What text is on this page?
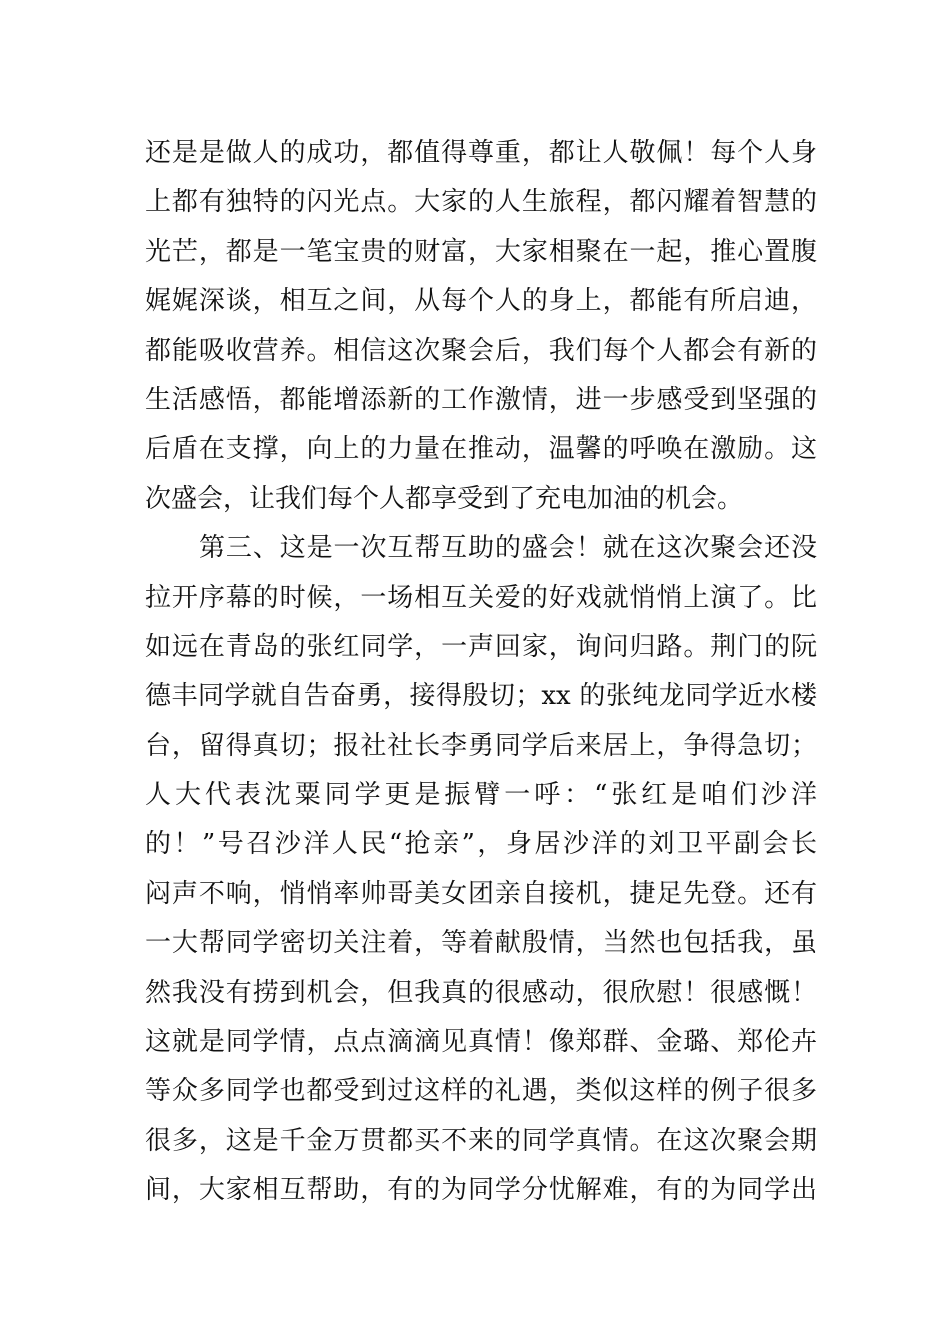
还是是做人的成功，都值得尊重，都让人敬佩！每个人身
上都有独特的闪光点。大家的人生旅程，都闪耀着智慧的
光芒，都是一笔宝贵的财富，大家相聚在一起，推心置腹
娓娓深谈，相互之间，从每个人的身上，都能有所启迪，
都能吸收营养。相信这次聚会后，我们每个人都会有新的
生活感悟，都能增添新的工作激情，进一步感受到坚强的
后盾在支撑，向上的力量在推动，温馨的呼唤在激励。这
次盛会，让我们每个人都享受到了充电加油的机会。
第三、这是一次互帮互助的盛会！就在这次聚会还没
拉开序幕的时候，一场相互关爱的好戏就悄悄上演了。比
如远在青岛的张红同学，一声回家，询问归路。荆门的阮
德丰同学就自告奋勇，接得殷切；xx 的张纯龙同学近水楼
台，留得真切；报社社长李勇同学后来居上，争得急切；
人大代表沈粟同学更是振臂一呼：“张红是咱们沙洋
的！”号召沙洋人民“抢亲”，身居沙洋的刘卫平副会长
闷声不响，悄悄率帅哥美女团亲自接机，捷足先登。还有
一大帮同学密切关注着，等着献殷情，当然也包括我，虽
然我没有捞到机会，但我真的很感动，很欣慰！很感慨！
这就是同学情，点点滴滴见真情！像郑群、金璐、郑伦卉
等众多同学也都受到过这样的礼遇，类似这样的例子很多
很多，这是千金万贯都买不来的同学真情。在这次聚会期
间，大家相互帮助，有的为同学分忧解难，有的为同学出
